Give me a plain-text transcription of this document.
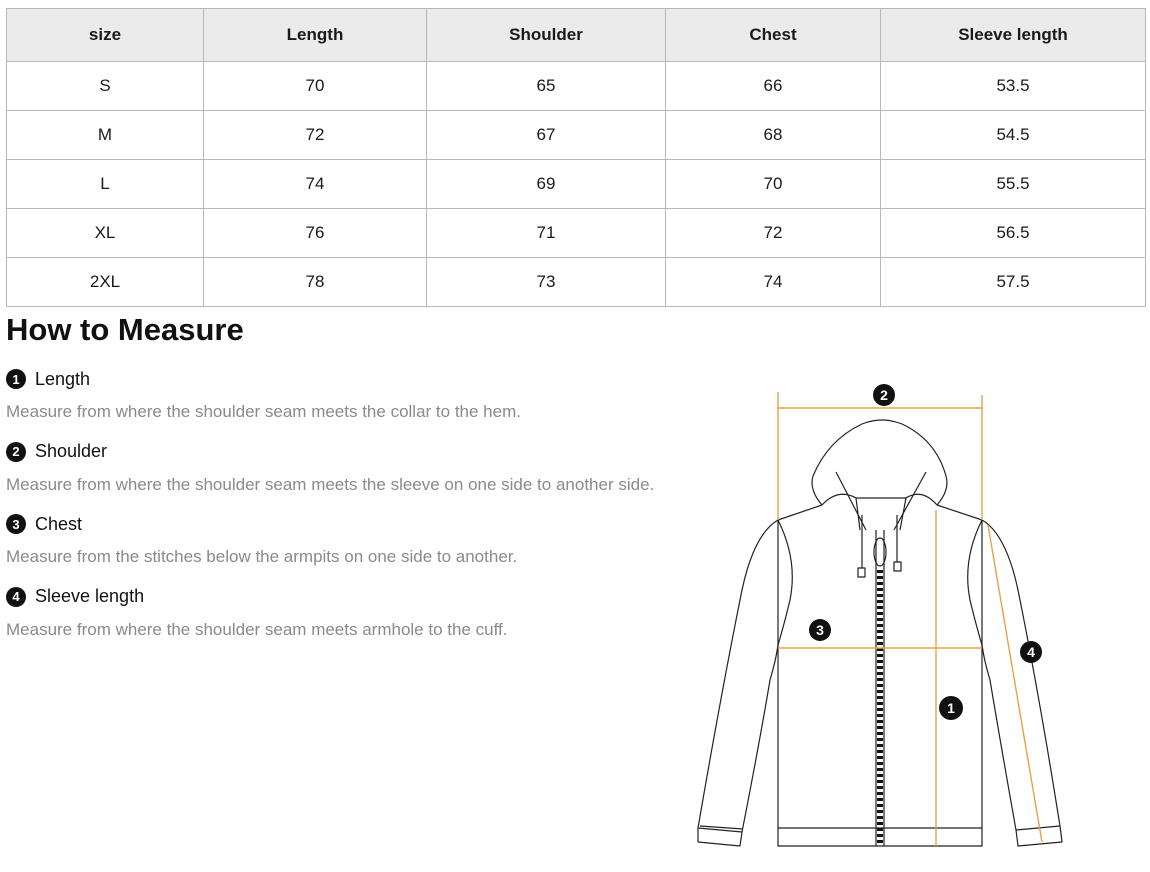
size	Length	Shoulder	Chest	Sleeve length
S	70	65	66	53.5
M	72	67	68	54.5
L	74	69	70	55.5
XL	76	71	72	56.5
2XL	78	73	74	57.5
How to Measure
1 Length
Measure from where the shoulder seam meets the collar to the hem.
2 Shoulder
Measure from where the shoulder seam meets the sleeve on one side to another side.
3 Chest
Measure from the stitches below the armpits on one side to another.
4 Sleeve length
Measure from where the shoulder seam meets armhole to the cuff.
2
3
1
4
